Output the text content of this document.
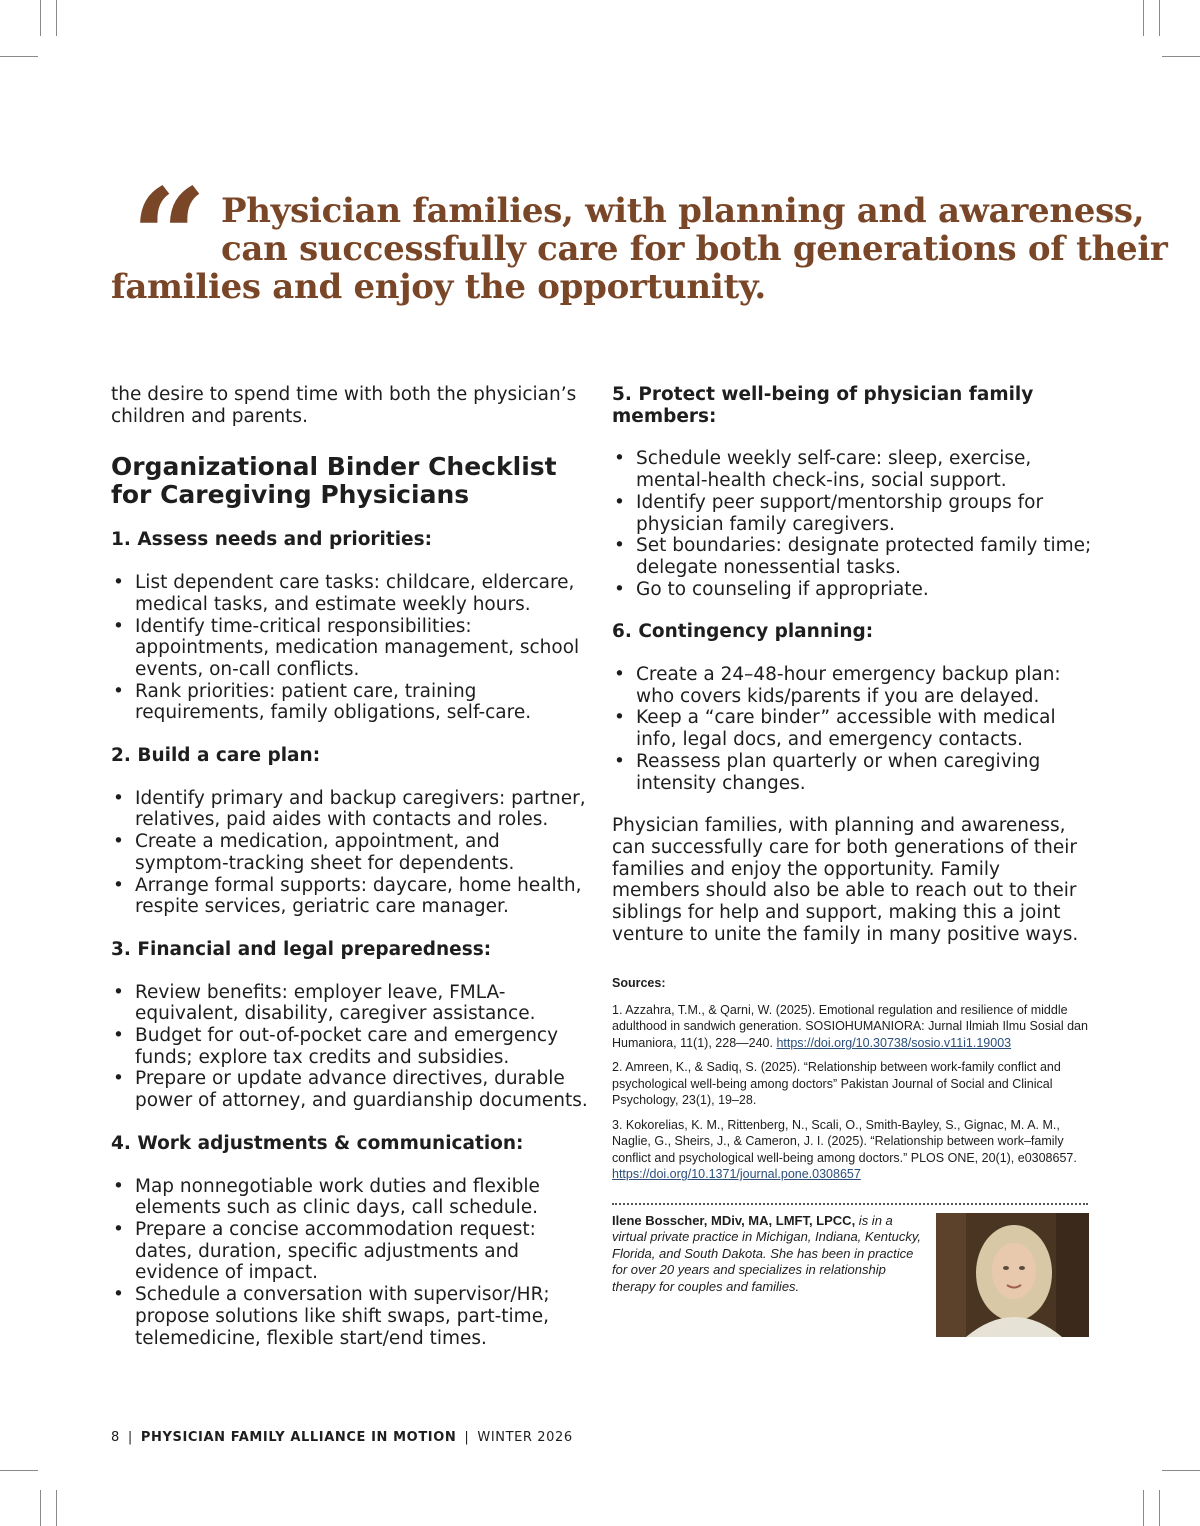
“ Physician families, with planning and awareness,
can successfully care for both generations of their
families and enjoy the opportunity.

the desire to spend time with both the physician’s children and parents.

Organizational Binder Checklist for Caregiving Physicians

1. Assess needs and priorities:

• List dependent care tasks: childcare, eldercare, medical tasks, and estimate weekly hours.
• Identify time-critical responsibilities: appointments, medication management, school events, on-call conflicts.
• Rank priorities: patient care, training requirements, family obligations, self-care.

2. Build a care plan:

• Identify primary and backup caregivers: partner, relatives, paid aides with contacts and roles.
• Create a medication, appointment, and symptom-tracking sheet for dependents.
• Arrange formal supports: daycare, home health, respite services, geriatric care manager.

3. Financial and legal preparedness:

• Review benefits: employer leave, FMLA-equivalent, disability, caregiver assistance.
• Budget for out-of-pocket care and emergency funds; explore tax credits and subsidies.
• Prepare or update advance directives, durable power of attorney, and guardianship documents.

4. Work adjustments & communication:

• Map nonnegotiable work duties and flexible elements such as clinic days, call schedule.
• Prepare a concise accommodation request: dates, duration, specific adjustments and evidence of impact.
• Schedule a conversation with supervisor/HR; propose solutions like shift swaps, part-time, telemedicine, flexible start/end times.

5. Protect well-being of physician family members:

• Schedule weekly self-care: sleep, exercise, mental-health check-ins, social support.
• Identify peer support/mentorship groups for physician family caregivers.
• Set boundaries: designate protected family time; delegate nonessential tasks.
• Go to counseling if appropriate.

6. Contingency planning:

• Create a 24–48-hour emergency backup plan: who covers kids/parents if you are delayed.
• Keep a “care binder” accessible with medical info, legal docs, and emergency contacts.
• Reassess plan quarterly or when caregiving intensity changes.

Physician families, with planning and awareness, can successfully care for both generations of their families and enjoy the opportunity. Family members should also be able to reach out to their siblings for help and support, making this a joint venture to unite the family in many positive ways.

Sources:
1. Azzahra, T.M., & Qarni, W. (2025). Emotional regulation and resilience of middle adulthood in sandwich generation. SOSIOHUMANIORA: Jurnal Ilmiah Ilmu Sosial dan Humaniora, 11(1), 228—240. https://doi.org/10.30738/sosio.v11i1.19003
2. Amreen, K., & Sadiq, S. (2025). “Relationship between work-family conflict and psychological well-being among doctors” Pakistan Journal of Social and Clinical Psychology, 23(1), 19–28.
3. Kokorelias, K. M., Rittenberg, N., Scali, O., Smith-Bayley, S., Gignac, M. A. M., Naglie, G., Sheirs, J., & Cameron, J. I. (2025). “Relationship between work–family conflict and psychological well-being among doctors.” PLOS ONE, 20(1), e0308657. https://doi.org/10.1371/journal.pone.0308657
Ilene Bosscher, MDiv, MA, LMFT, LPCC, is in a virtual private practice in Michigan, Indiana, Kentucky, Florida, and South Dakota. She has been in practice for over 20 years and specializes in relationship therapy for couples and families.
8 | PHYSICIAN FAMILY ALLIANCE IN MOTION | WINTER 2026
